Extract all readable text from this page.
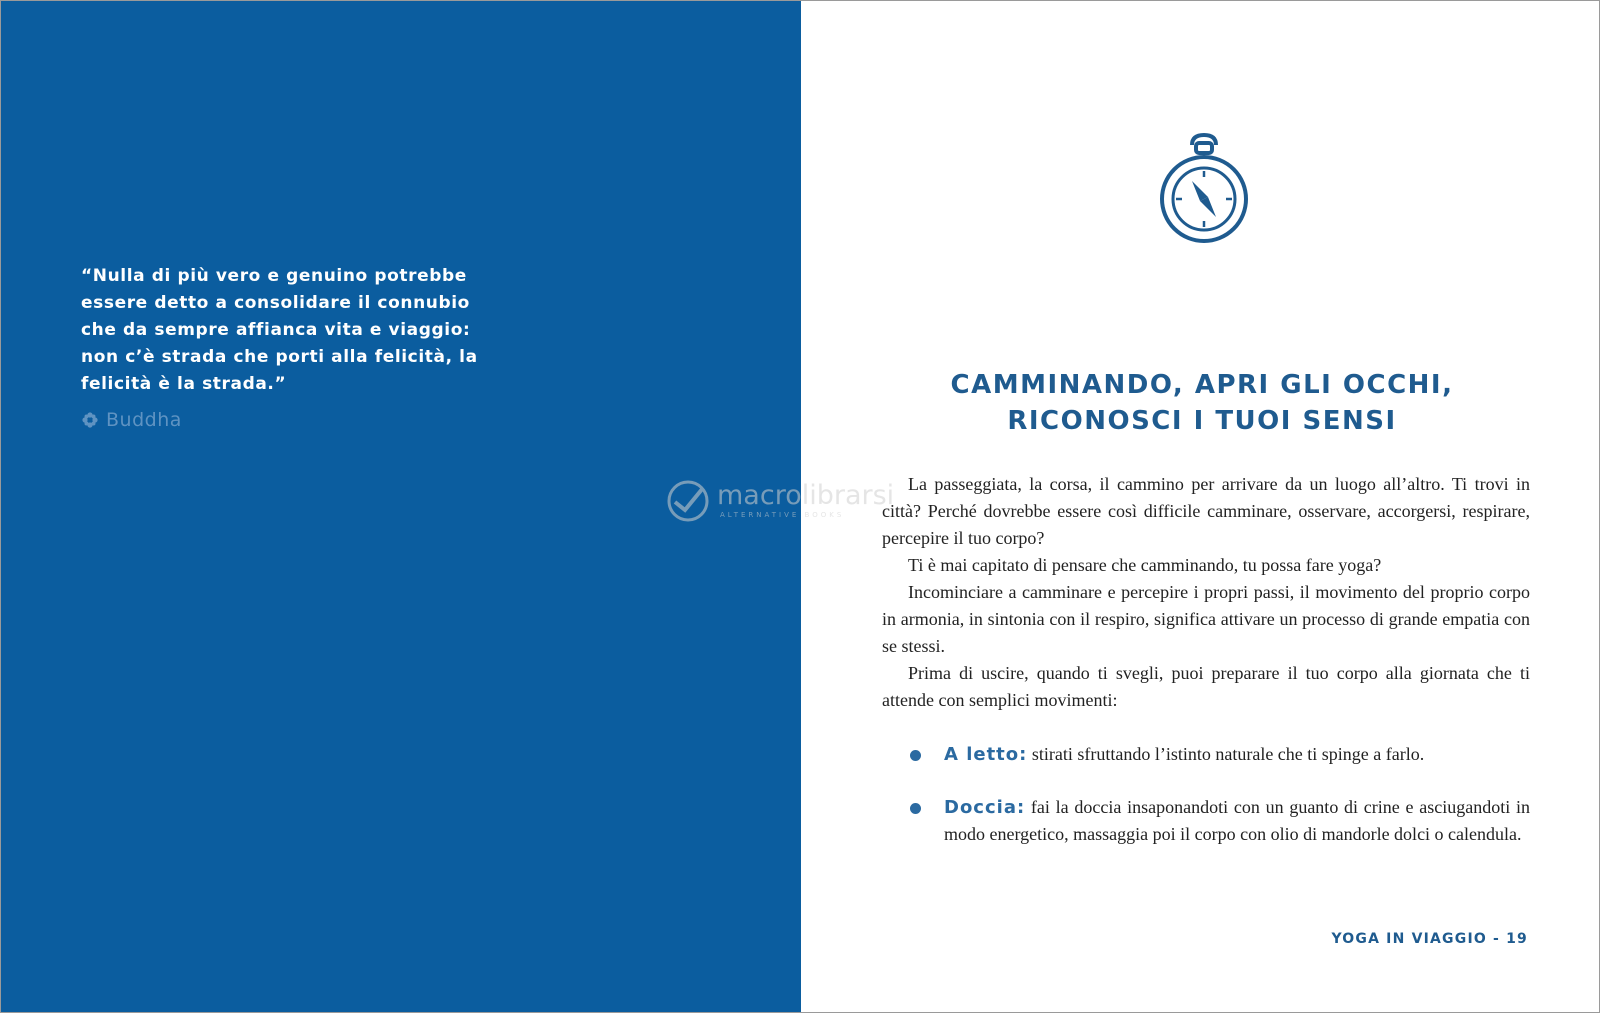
“Nulla di più vero e genuino potrebbe
essere detto a consolidare il connubio
che da sempre affianca vita e viaggio:
non c’è strada che porti alla felicità, la
felicità è la strada.”

Buddha
CAMMINANDO, APRI GLI OCCHI,
RICONOSCI I TUOI SENSI

La passeggiata, la corsa, il cammino per arrivare da un luogo all’altro. Ti trovi in città? Perché dovrebbe essere così difficile camminare, osservare, accorgersi, respirare, percepire il tuo corpo?

Ti è mai capitato di pensare che camminando, tu possa fare yoga?

Incominciare a camminare e percepire i propri passi, il movimento del proprio corpo in armonia, in sintonia con il respiro, significa attivare un processo di grande empatia con se stessi.

Prima di uscire, quando ti svegli, puoi preparare il tuo corpo alla giornata che ti attende con semplici movimenti:

A letto: stirati sfruttando l’istinto naturale che ti spinge a farlo.
Doccia: fai la doccia insaponandoti con un guanto di crine e asciugandoti in modo energetico, massaggia poi il corpo con olio di mandorle dolci o calendula.
YOGA IN VIAGGIO - 19
macrolibrarsi
ALTERNATIVE BOOKS
